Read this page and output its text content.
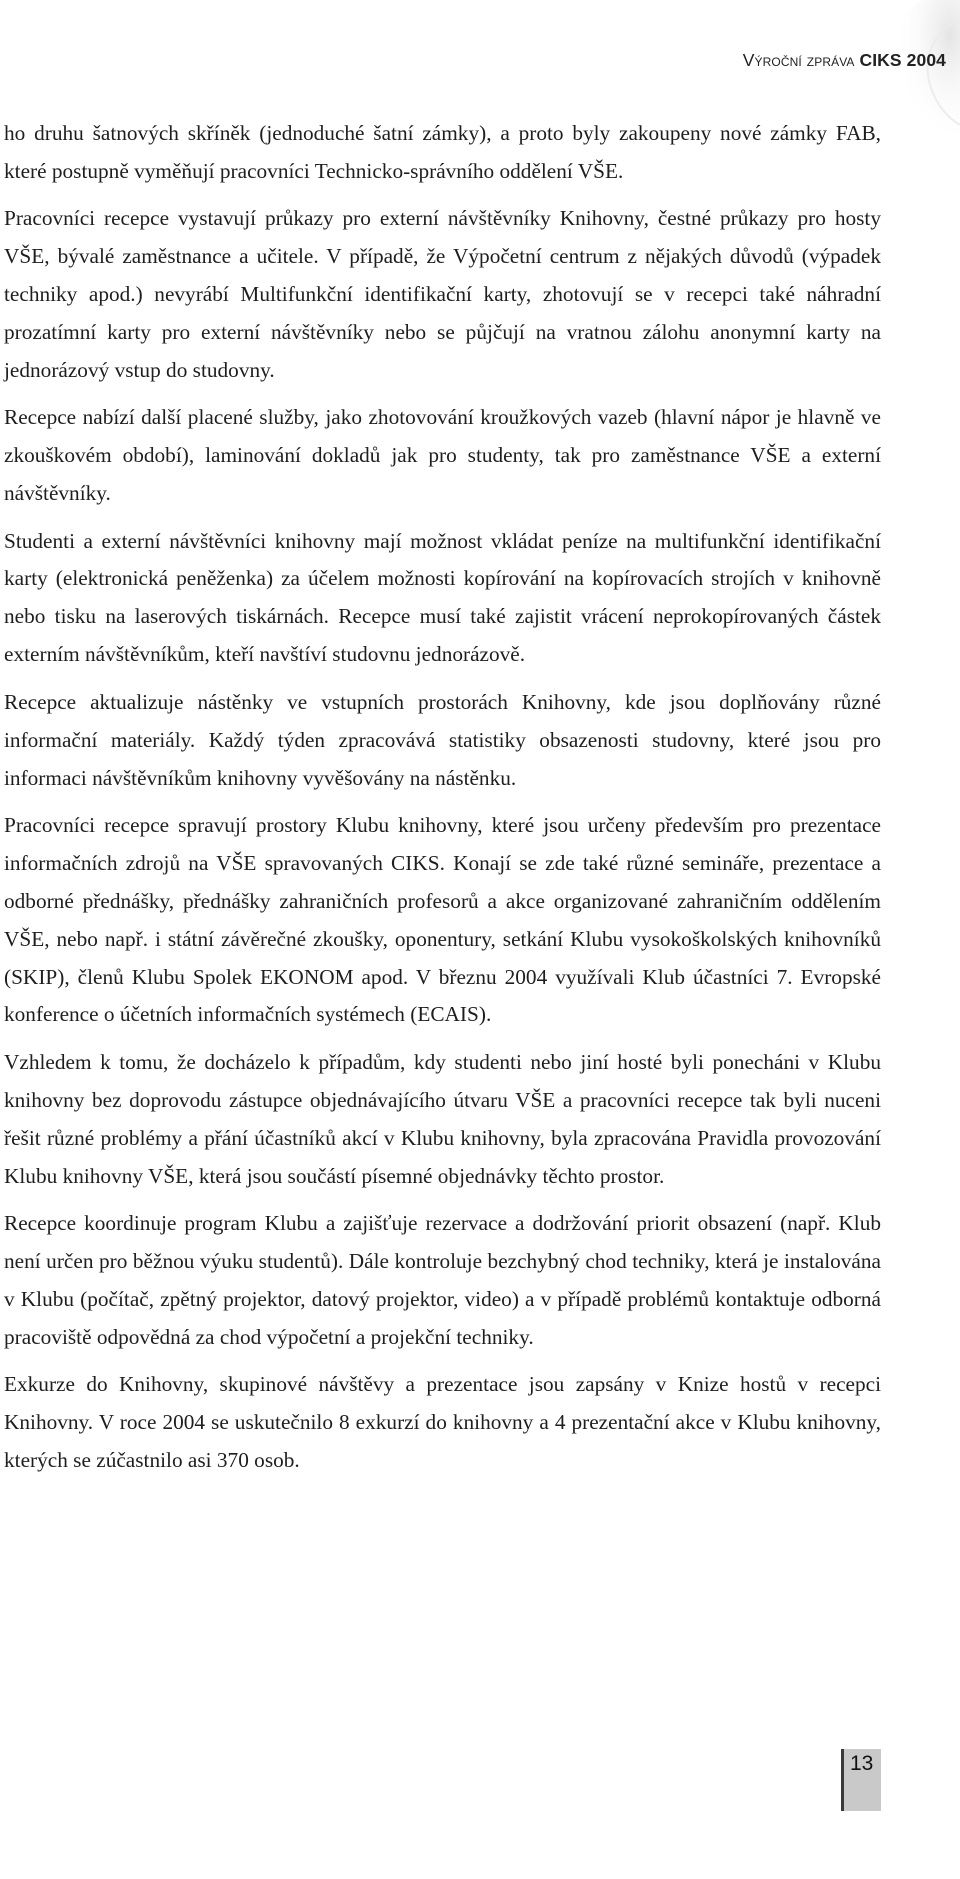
Výroční zpráva CIKS 2004

ho druhu šatnových skříněk (jednoduché šatní zámky), a proto byly zakoupeny nové zámky FAB, které postupně vyměňují pracovníci Technicko-správního oddělení VŠE.

Pracovníci recepce vystavují průkazy pro externí návštěvníky Knihovny, čestné průkazy pro hosty VŠE, bývalé zaměstnance a učitele. V případě, že Výpočetní centrum z nějakých důvodů (výpadek techniky apod.) nevyrábí Multifunkční identifikační karty, zhotovují se v recepci také náhradní prozatímní karty pro externí návštěvníky nebo se půjčují na vratnou zálohu anonymní karty na jednorázový vstup do studovny.

Recepce nabízí další placené služby, jako zhotovování kroužkových vazeb (hlavní nápor je hlavně ve zkouškovém období), laminování dokladů jak pro studenty, tak pro zaměstnance VŠE a externí návštěvníky.

Studenti a externí návštěvníci knihovny mají možnost vkládat peníze na multifunkční identifikační karty (elektronická peněženka) za účelem možnosti kopírování na kopírovacích strojích v knihovně nebo tisku na laserových tiskárnách. Recepce musí také zajistit vrácení neprokopírovaných částek externím návštěvníkům, kteří navštíví studovnu jednorázově.

Recepce aktualizuje nástěnky ve vstupních prostorách Knihovny, kde jsou doplňovány různé informační materiály. Každý týden zpracovává statistiky obsazenosti studovny, které jsou pro informaci návštěvníkům knihovny vyvěšovány na nástěnku.

Pracovníci recepce spravují prostory Klubu knihovny, které jsou určeny především pro prezentace informačních zdrojů na VŠE spravovaných CIKS. Konají se zde také různé semináře, prezentace a odborné přednášky, přednášky zahraničních profesorů a akce organizované zahraničním oddělením VŠE, nebo např. i státní závěrečné zkoušky, oponentury, setkání Klubu vysokoškolských knihovníků (SKIP), členů Klubu Spolek EKONOM apod. V březnu 2004 využívali Klub účastníci 7. Evropské konference o účetních informačních systémech (ECAIS).

Vzhledem k tomu, že docházelo k případům, kdy studenti nebo jiní hosté byli ponecháni v Klubu knihovny bez doprovodu zástupce objednávajícího útvaru VŠE a pracovníci recepce tak byli nuceni řešit různé problémy a přání účastníků akcí v Klubu knihovny, byla zpracována Pravidla provozování Klubu knihovny VŠE, která jsou součástí písemné objednávky těchto prostor.

Recepce koordinuje program Klubu a zajišťuje rezervace a dodržování priorit obsazení (např. Klub není určen pro běžnou výuku studentů). Dále kontroluje bezchybný chod techniky, která je instalována v Klubu (počítač, zpětný projektor, datový projektor, video) a v případě problémů kontaktuje odborná pracoviště odpovědná za chod výpočetní a projekční techniky.

Exkurze do Knihovny, skupinové návštěvy a prezentace jsou zapsány v Knize hostů v recepci Knihovny. V roce 2004 se uskutečnilo 8 exkurzí do knihovny a 4 prezentační akce v Klubu knihovny, kterých se zúčastnilo asi 370 osob.

13
